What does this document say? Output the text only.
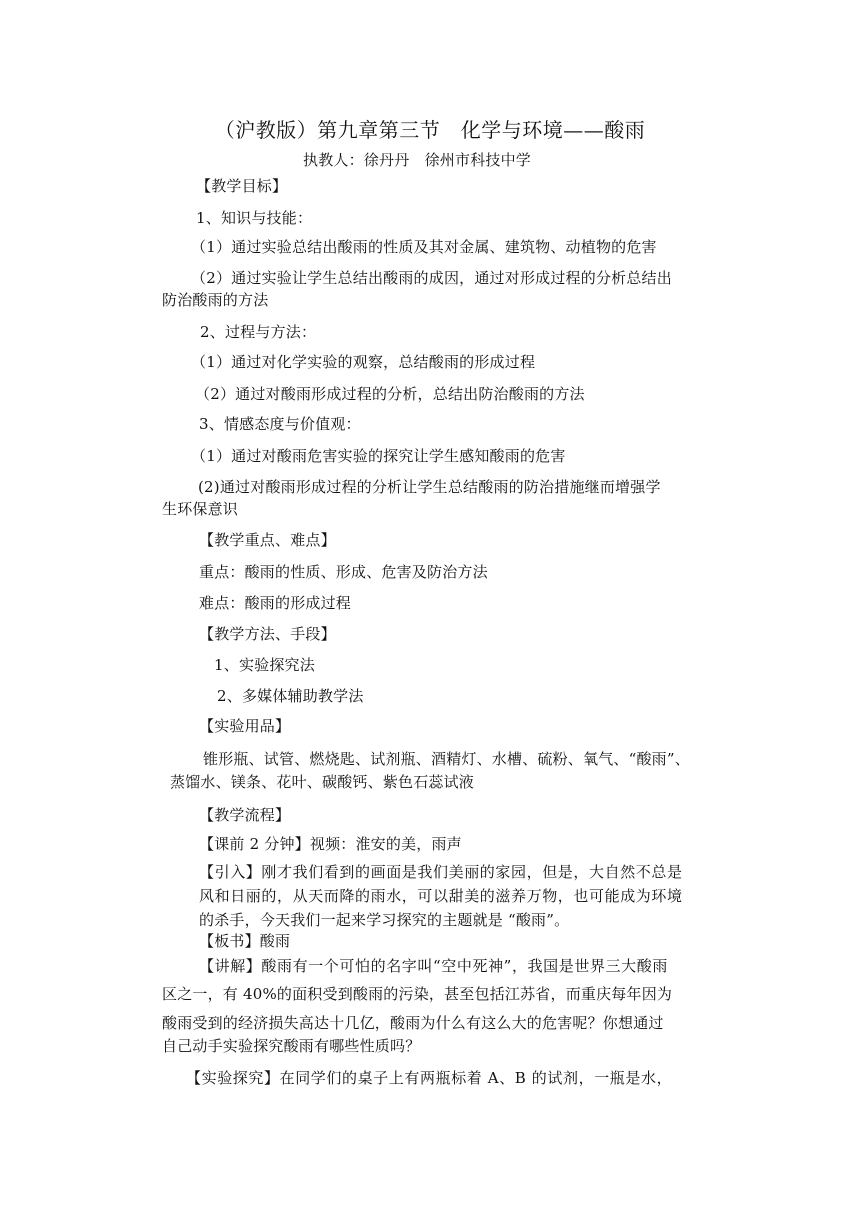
（沪教版）第九章第三节　化学与环境——酸雨
执教人：徐丹丹　徐州市科技中学
【教学目标】
1、知识与技能：
（1）通过实验总结出酸雨的性质及其对金属、建筑物、动植物的危害
（2）通过实验让学生总结出酸雨的成因，通过对形成过程的分析总结出
防治酸雨的方法
2、过程与方法：
（1）通过对化学实验的观察，总结酸雨的形成过程
（2）通过对酸雨形成过程的分析，总结出防治酸雨的方法
3、情感态度与价值观：
（1）通过对酸雨危害实验的探究让学生感知酸雨的危害
(2)通过对酸雨形成过程的分析让学生总结酸雨的防治措施继而增强学
生环保意识
【教学重点、难点】
重点：酸雨的性质、形成、危害及防治方法
难点：酸雨的形成过程
【教学方法、手段】
1、实验探究法
2、多媒体辅助教学法
【实验用品】
锥形瓶、试管、燃烧匙、试剂瓶、酒精灯、水槽、硫粉、氧气、“酸雨”、
蒸馏水、镁条、花叶、碳酸钙、紫色石蕊试液
【教学流程】
【课前 2 分钟】视频：淮安的美，雨声
【引入】刚才我们看到的画面是我们美丽的家园，但是，大自然不总是
风和日丽的，从天而降的雨水，可以甜美的滋养万物，也可能成为环境
的杀手，今天我们一起来学习探究的主题就是 “酸雨”。
【板书】酸雨
【讲解】酸雨有一个可怕的名字叫“空中死神”，我国是世界三大酸雨
区之一，有 40%的面积受到酸雨的污染，甚至包括江苏省，而重庆每年因为
酸雨受到的经济损失高达十几亿，酸雨为什么有这么大的危害呢？你想通过
自己动手实验探究酸雨有哪些性质吗？
【实验探究】在同学们的桌子上有两瓶标着 A、B 的试剂，一瓶是水，
